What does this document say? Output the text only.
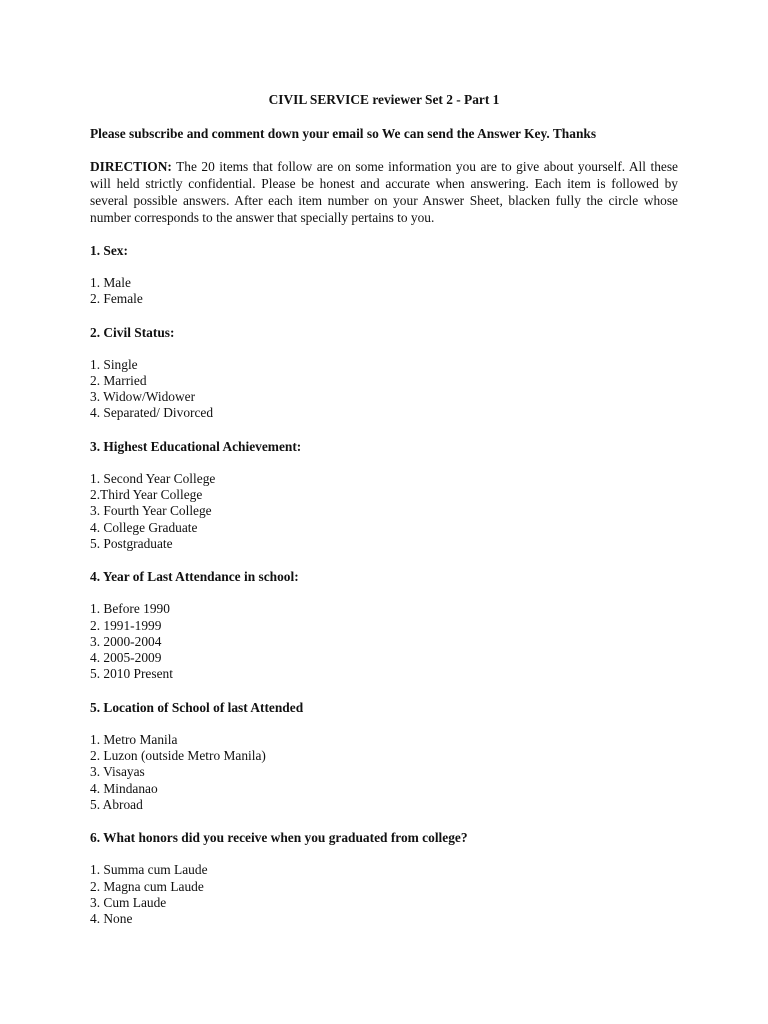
CIVIL SERVICE reviewer Set 2 - Part 1

Please subscribe and comment down your email so We can send the Answer Key. Thanks

DIRECTION: The 20 items that follow are on some information you are to give about yourself. All these will held strictly confidential. Please be honest and accurate when answering. Each item is followed by several possible answers. After each item number on your Answer Sheet, blacken fully the circle whose number corresponds to the answer that specially pertains to you.

1. Sex:

1. Male
2. Female

2. Civil Status:

1. Single
2. Married
3. Widow/Widower
4. Separated/ Divorced

3. Highest Educational Achievement:

1. Second Year College
2.Third Year College
3. Fourth Year College
4. College Graduate
5. Postgraduate

4. Year of Last Attendance in school:

1. Before 1990
2. 1991-1999
3. 2000-2004
4. 2005-2009
5. 2010 Present

5. Location of School of last Attended

1. Metro Manila
2. Luzon (outside Metro Manila)
3. Visayas
4. Mindanao
5. Abroad

6. What honors did you receive when you graduated from college?

1. Summa cum Laude
2. Magna cum Laude
3. Cum Laude
4. None
